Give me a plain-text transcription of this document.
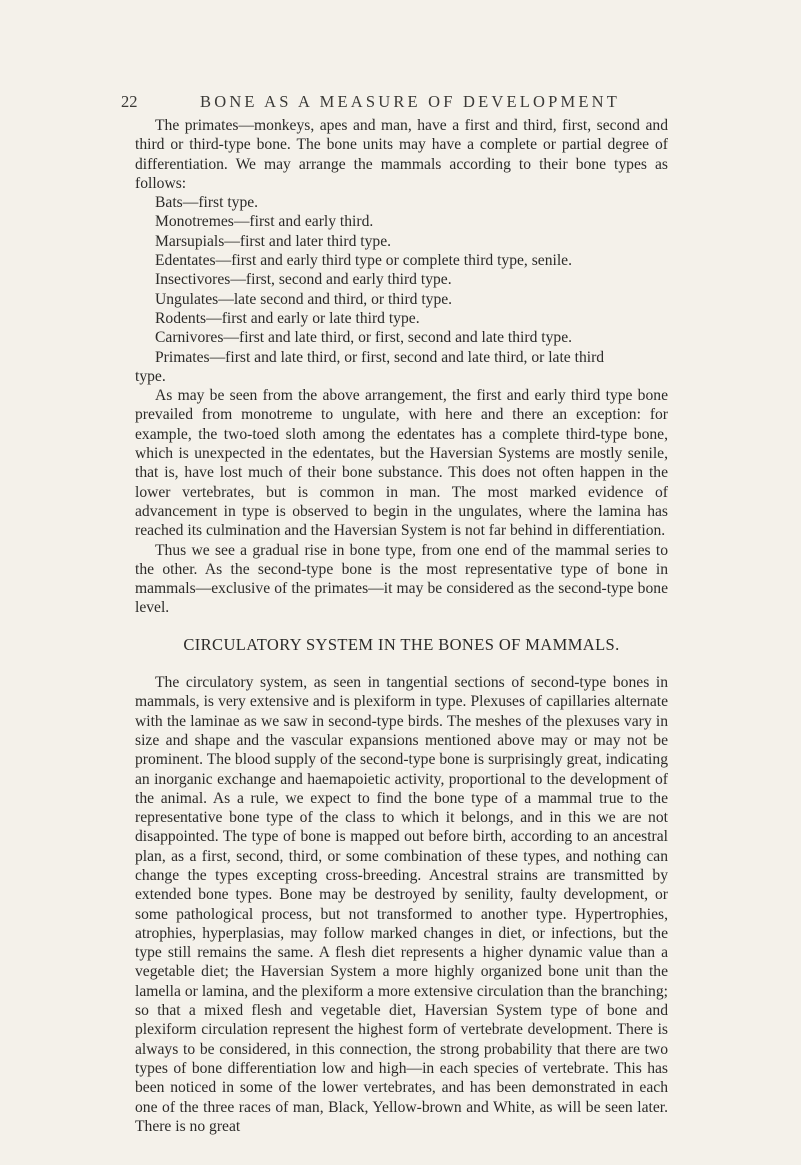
22	BONE AS A MEASURE OF DEVELOPMENT

The primates—monkeys, apes and man, have a first and third, first, second and third or third-type bone. The bone units may have a complete or partial degree of differentiation. We may arrange the mammals according to their bone types as follows:

Bats—first type.
Monotremes—first and early third.
Marsupials—first and later third type.
Edentates—first and early third type or complete third type, senile.
Insectivores—first, second and early third type.
Ungulates—late second and third, or third type.
Rodents—first and early or late third type.
Carnivores—first and late third, or first, second and late third type.
Primates—first and late third, or first, second and late third, or late third
type.

As may be seen from the above arrangement, the first and early third type bone prevailed from monotreme to ungulate, with here and there an exception: for example, the two-toed sloth among the edentates has a complete third-type bone, which is unexpected in the edentates, but the Haversian Systems are mostly senile, that is, have lost much of their bone substance. This does not often happen in the lower vertebrates, but is common in man. The most marked evidence of advancement in type is observed to begin in the ungulates, where the lamina has reached its culmination and the Haversian System is not far behind in differentiation.

Thus we see a gradual rise in bone type, from one end of the mammal series to the other. As the second-type bone is the most representative type of bone in mammals—exclusive of the primates—it may be considered as the second-type bone level.

CIRCULATORY SYSTEM IN THE BONES OF MAMMALS.

The circulatory system, as seen in tangential sections of second-type bones in mammals, is very extensive and is plexiform in type. Plexuses of capillaries alternate with the laminae as we saw in second-type birds. The meshes of the plexuses vary in size and shape and the vascular expansions mentioned above may or may not be prominent. The blood supply of the second-type bone is surprisingly great, indicating an inorganic exchange and haemapoietic activity, proportional to the development of the animal. As a rule, we expect to find the bone type of a mammal true to the representative bone type of the class to which it belongs, and in this we are not disappointed. The type of bone is mapped out before birth, according to an ancestral plan, as a first, second, third, or some combination of these types, and nothing can change the types excepting cross-breeding. Ancestral strains are transmitted by extended bone types. Bone may be destroyed by senility, faulty development, or some pathological process, but not transformed to another type. Hypertrophies, atrophies, hyperplasias, may follow marked changes in diet, or infections, but the type still remains the same. A flesh diet represents a higher dynamic value than a vegetable diet; the Haversian System a more highly organized bone unit than the lamella or lamina, and the plexiform a more extensive circulation than the branching; so that a mixed flesh and vegetable diet, Haversian System type of bone and plexiform circulation represent the highest form of vertebrate development. There is always to be considered, in this connection, the strong probability that there are two types of bone differentiation low and high—in each species of vertebrate. This has been noticed in some of the lower vertebrates, and has been demonstrated in each one of the three races of man, Black, Yellow-brown and White, as will be seen later. There is no great
